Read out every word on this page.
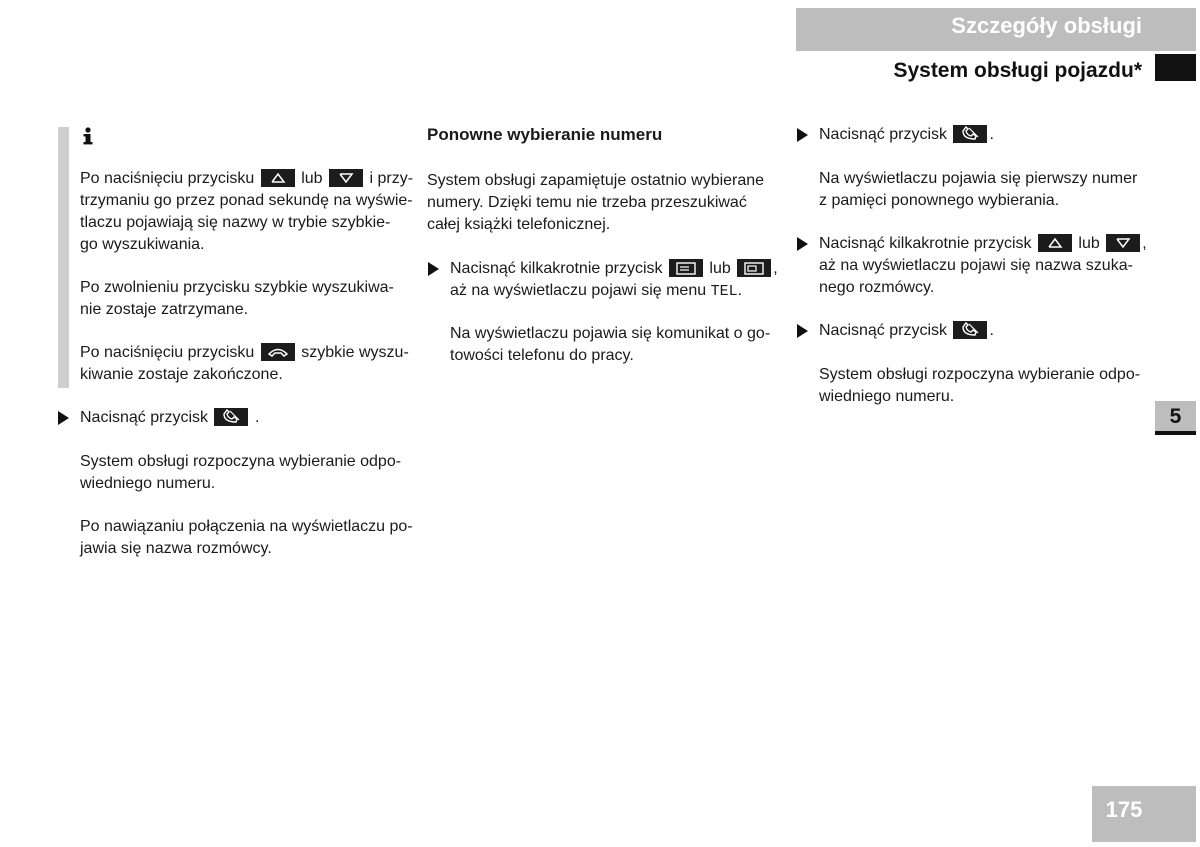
Szczegóły obsługi
System obsługi pojazdu*
5
175
Po naciśnięciu przycisku	lub	i przy-
trzymaniu go przez ponad sekundę na wyświe-
tlaczu pojawiają się nazwy w trybie szybkie-
go wyszukiwania.
Po zwolnieniu przycisku szybkie wyszukiwa-
nie zostaje zatrzymane.
Po naciśnięciu przycisku	szybkie wyszu-
kiwanie zostaje zakończone.
Nacisnąć przycisk	.
System obsługi rozpoczyna wybieranie odpo-
wiedniego numeru.
Po nawiązaniu połączenia na wyświetlaczu po-
jawia się nazwa rozmówcy.
Ponowne wybieranie numeru
System obsługi zapamiętuje ostatnio wybierane
numery. Dzięki temu nie trzeba przeszukiwać
całej książki telefonicznej.
Nacisnąć kilkakrotnie przycisk	lub	,
aż na wyświetlaczu pojawi się menu TEL.
Na wyświetlaczu pojawia się komunikat o go-
towości telefonu do pracy.
Nacisnąć przycisk	.
Na wyświetlaczu pojawia się pierwszy numer
z pamięci ponownego wybierania.
Nacisnąć kilkakrotnie przycisk	lub	,
aż na wyświetlaczu pojawi się nazwa szuka-
nego rozmówcy.
Nacisnąć przycisk	.
System obsługi rozpoczyna wybieranie odpo-
wiedniego numeru.
